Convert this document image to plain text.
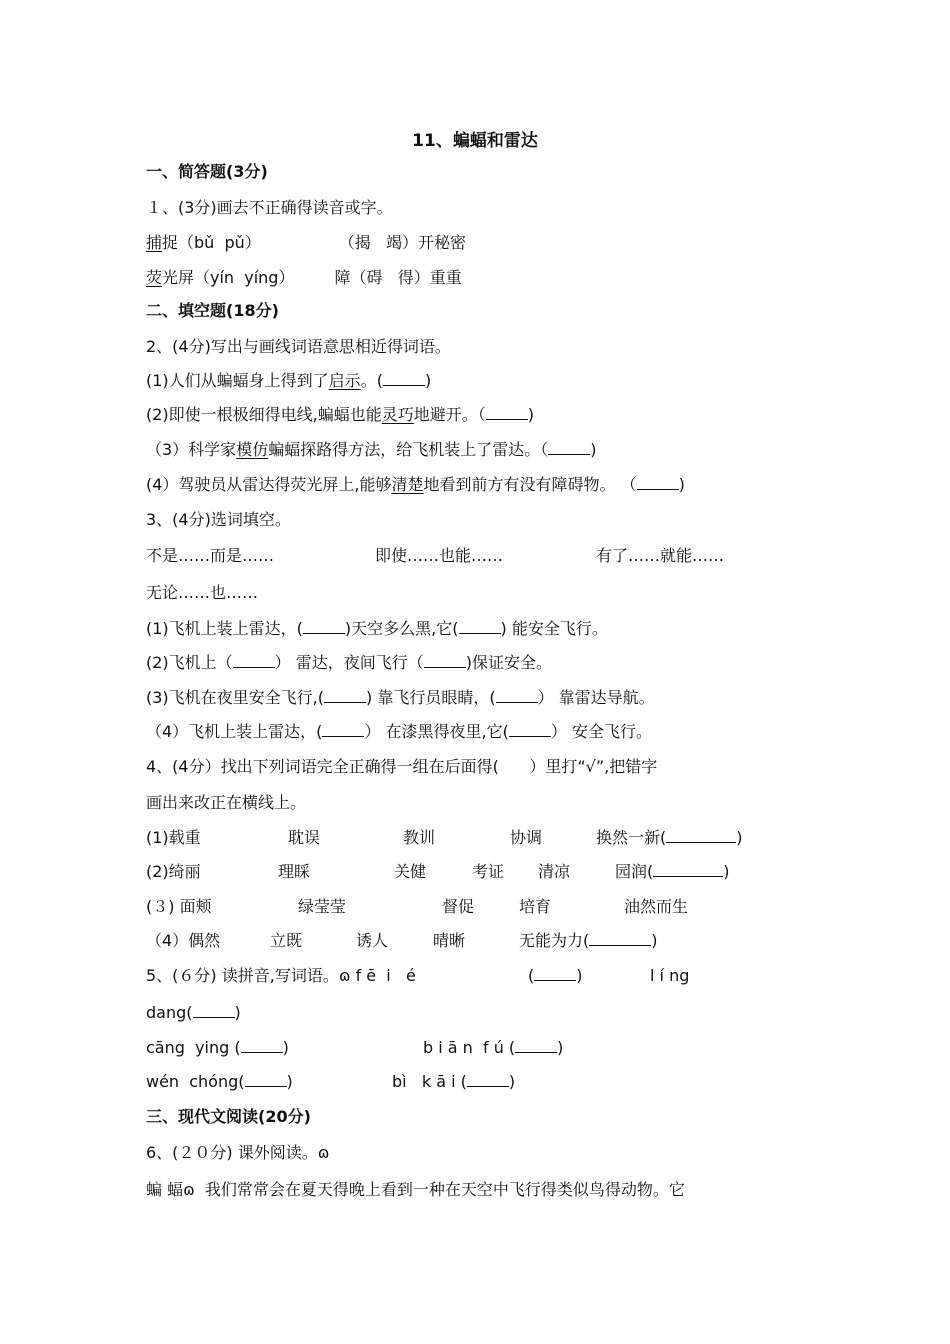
11、蝙蝠和雷达
一、简答题(3分)
１、(3分)画去不正确得读音或字。
捕捉（bǔ  pǔ）	（揭   竭）开秘密
荧光屏（yín  yíng）	障（碍   得）重重
二、填空题(18分)
2、(4分)写出与画线词语意思相近得词语。
(1)人们从蝙蝠身上得到了启示。(	)
(2)即使一根极细得电线,蝙蝠也能灵巧地避开。（	)
（3）科学家模仿蝙蝠探路得方法，给飞机装上了雷达。（	)
(4）驾驶员从雷达得荧光屏上,能够清楚地看到前方有没有障碍物。 （	)
3、(4分)选词填空。
不是……而是……	即使……也能……	有了……就能……
无论……也……
(1)飞机上装上雷达，(	)天空多么黑,它(	) 能安全飞行。
(2)飞机上（	） 雷达，夜间飞行（	)保证安全。
(3)飞机在夜里安全飞行,(	) 靠飞行员眼睛，(	） 靠雷达导航。
（4）飞机上装上雷达，(	） 在漆黑得夜里,它(	） 安全飞行。
4、(4分）找出下列词语完全正确得一组在后面得(      ）里打“√”,把错字
画出来改正在横线上。
(1)载重	耽误	教训	协调	换然一新(	)
(2)绮丽	理睬	关健	考证 清凉	园润(	)
(３) 面颊	绿莹莹	督促	培育	油然而生
（4）偶然	立既	诱人	晴晰	无能为力(	)
5、(６分) 读拼音,写词语。ɷ f ē  i   é	(	)	l í ng
dang(	)
cāng  ying (	)	b i ā n  f ú (	)
wén  chóng(	)	bì   k ā i (	)
三、现代文阅读(20分)
6、(２０分) 课外阅读。ɷ
蝙 蝠ɷ  我们常常会在夏天得晚上看到一种在天空中飞行得类似鸟得动物。它
